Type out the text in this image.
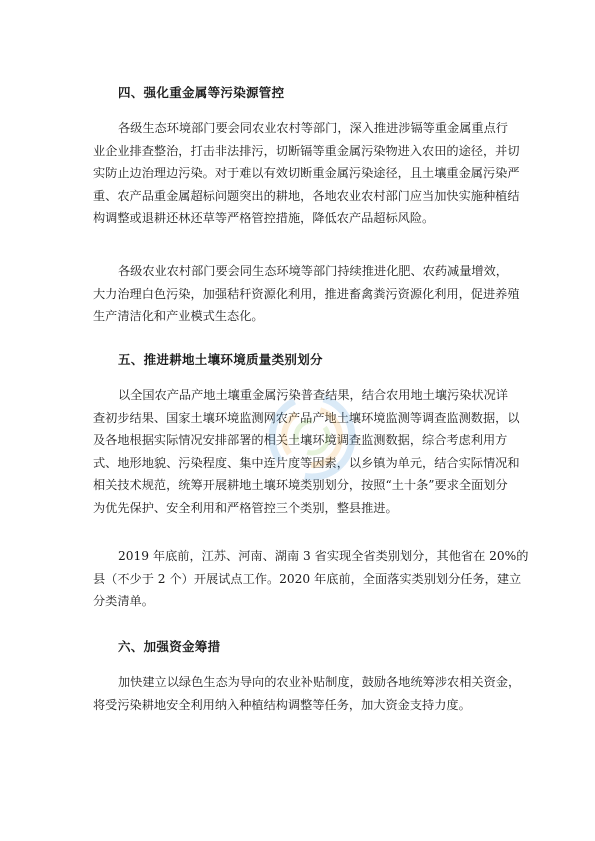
四、强化重金属等污染源管控
各级生态环境部门要会同农业农村等部门，深入推进涉镉等重金属重点行
业企业排查整治，打击非法排污，切断镉等重金属污染物进入农田的途径，并切
实防止边治理边污染。对于难以有效切断重金属污染途径，且土壤重金属污染严
重、农产品重金属超标问题突出的耕地，各地农业农村部门应当加快实施种植结
构调整或退耕还林还草等严格管控措施，降低农产品超标风险。
各级农业农村部门要会同生态环境等部门持续推进化肥、农药减量增效，
大力治理白色污染，加强秸秆资源化利用，推进畜禽粪污资源化利用，促进养殖
生产清洁化和产业模式生态化。
五、推进耕地土壤环境质量类别划分
以全国农产品产地土壤重金属污染普查结果，结合农用地土壤污染状况详
查初步结果、国家土壤环境监测网农产品产地土壤环境监测等调查监测数据，以
及各地根据实际情况安排部署的相关土壤环境调查监测数据，综合考虑利用方
式、地形地貌、污染程度、集中连片度等因素，以乡镇为单元，结合实际情况和
相关技术规范，统筹开展耕地土壤环境类别划分，按照“土十条”要求全面划分
为优先保护、安全利用和严格管控三个类别，整县推进。
2019 年底前，江苏、河南、湖南 3 省实现全省类别划分，其他省在 20%的
县（不少于 2 个）开展试点工作。2020 年底前，全面落实类别划分任务，建立
分类清单。
六、加强资金筹措
加快建立以绿色生态为导向的农业补贴制度，鼓励各地统筹涉农相关资金，
将受污染耕地安全利用纳入种植结构调整等任务，加大资金支持力度。
